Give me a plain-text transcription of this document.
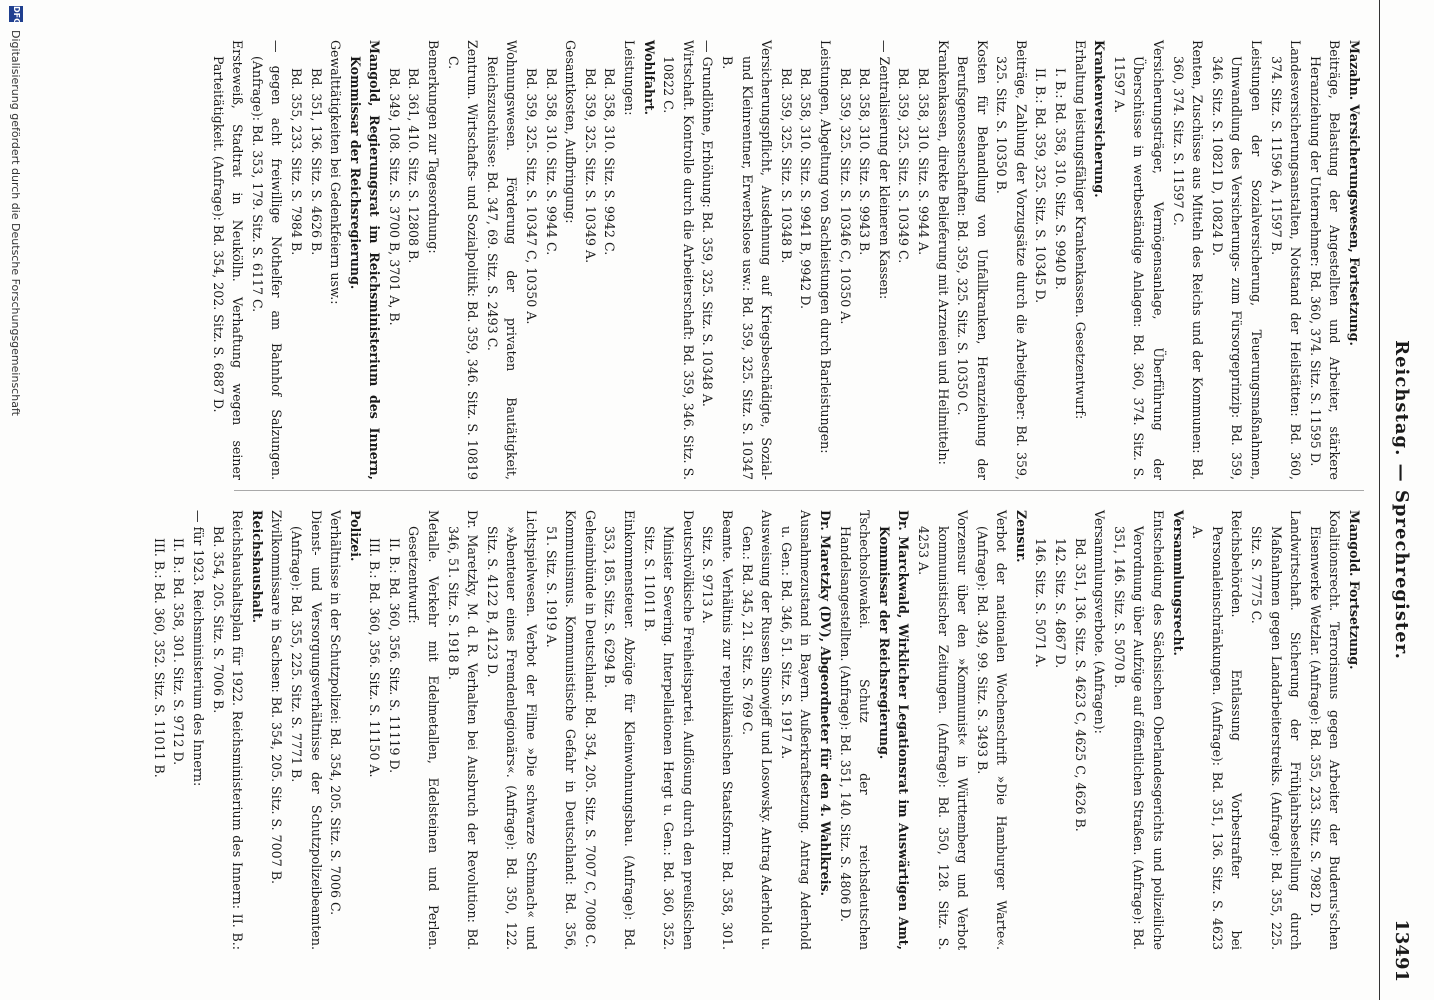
Reichstag. — Sprechregister.
13491

Mazahn. Versicherungswesen, Fortsetzung.

Beiträge, Belastung der Angestellten und Arbeiter, stärkere Heranziehung der Unternehmer: Bd. 360, 374. Sitz. S. 11595 D.

Landesversicherungsanstalten, Notstand der Heilstätten: Bd. 360, 374. Sitz. S. 11596 A, 11597 B.

Leistungen der Sozialversicherung, Teuerungsmaßnahmen, Umwandlung des Versicherungs- zum Fürsorgeprinzip: Bd. 359, 346. Sitz. S. 10821 D, 10824 D.

Renten, Zuschüsse aus Mitteln des Reichs und der Kommunen: Bd. 360, 374. Sitz. S. 11597 C.

Versicherungsträger, Vermögensanlage, Überführung der Überschüsse in wertbeständige Anlagen: Bd. 360, 374. Sitz. S. 11597 A.

Krankenversicherung.

Erhaltung leistungsfähiger Krankenkassen. Gesetzentwurf:

I. B.: Bd. 358, 310. Sitz. S. 9940 B.

II. B.: Bd. 359, 325. Sitz. S. 10345 D.

Beiträge, Zahlung der Vorzugsätze durch die Arbeitgeber: Bd. 359, 325. Sitz. S. 10350 B.

Kosten für Behandlung von Unfallkranken, Heranziehung der Berufsgenossenschaften: Bd. 359, 325. Sitz. S. 10350 C.

Krankenkassen, direkte Belieferung mit Arzneien und Heilmitteln:

Bd. 358, 310. Sitz. S. 9944 A.

Bd. 359, 325. Sitz. S. 10349 C.

— Zentralisierung der kleineren Kassen:

Bd. 358, 310. Sitz. S. 9943 B.

Bd. 359, 325. Sitz. S. 10346 C, 10350 A.

Leistungen, Abgeltung von Sachleistungen durch Barleistungen:

Bd. 358, 310. Sitz. S. 9941 B, 9942 D.

Bd. 359, 325. Sitz. S. 10348 B.

Versicherungspflicht, Ausdehnung auf Kriegsbeschädigte, Sozial- und Kleinrentner, Erwerbslose usw.: Bd. 359, 325. Sitz. S. 10347 B.

— Grundlöhne, Erhöhung: Bd. 359, 325. Sitz. S. 10348 A.

Wirtschaft. Kontrolle durch die Arbeiterschaft: Bd. 359, 346. Sitz. S. 10822 C.

Wohlfahrt.

Leistungen:

Bd. 358, 310. Sitz. S. 9942 C.

Bd. 359, 325. Sitz. S. 10349 A.

Gesamtkosten, Aufbringung:

Bd. 358, 310. Sitz. S. 9944 C.

Bd. 359, 325. Sitz. S. 10347 C, 10350 A.

Wohnungswesen. Förderung der privaten Bautätigkeit, Reichszuschüsse: Bd. 347, 69. Sitz. S. 2493 C.

Zentrum. Wirtschafts- und Sozialpolitik: Bd. 359, 346. Sitz. S. 10819 C.

Bemerkungen zur Tagesordnung:

Bd. 361, 410. Sitz. S. 12808 B.

Bd. 349, 108. Sitz. S. 3700 B, 3701 A, B.

Mangold, Regierungsrat im Reichsministerium des Innern, Kommissar der Reichsregierung.

Gewalttätigkeiten bei Gedenkfeiern usw.:

Bd. 351, 136. Sitz. S. 4626 B.

Bd. 355, 233. Sitz. S. 7984 B.

— gegen acht freiwillige Nothelfer am Bahnhof Salzungen. (Anfrage): Bd. 353, 179. Sitz. S. 6117 C.

Ersteweiß, Stadtrat in Neukölln. Verhaftung wegen seiner Parteitätigkeit. (Anfrage): Bd. 354, 202. Sitz. S. 6887 D.

Mangold. Fortsetzung.

Koalitionsrecht. Terrorismus gegen Arbeiter der Buderus'schen Eisenwerke Wetzlar. (Anfrage): Bd. 355, 233. Sitz. S. 7982 D.

Landwirtschaft. Sicherung der Frühjahrsbestellung durch Maßnahmen gegen Landarbeiterstreiks. (Anfrage): Bd. 355, 225. Sitz. S. 7775 C.

Reichsbehörden. Entlassung Vorbestrafter bei Personaleinschränkungen. (Anfrage): Bd. 351, 136. Sitz. S. 4623 A.

Versammlungsrecht.

Entscheidung des Sächsischen Oberlandesgerichts und polizeiliche Verordnung über Aufzüge auf öffentlichen Straßen. (Anfrage): Bd. 351, 146. Sitz. S. 5070 B.

Versammlungsverbote. (Anfragen):

Bd. 351, 136. Sitz. S. 4623 C, 4625 C, 4626 B.

142. Sitz. S. 4867 D.

146. Sitz. S. 5071 A.

Zensur.

Verbot der nationalen Wochenschrift »Die Hamburger Warte«. (Anfrage): Bd. 349, 99. Sitz. S. 3493 B.

Vorzensur über den »Kommunist« in Württemberg und Verbot kommunistischer Zeitungen. (Anfrage): Bd. 350, 128. Sitz. S. 4253 A.

Dr. Marckwald, Wirklicher Legationsrat im Auswärtigen Amt, Kommissar der Reichsregierung.

Tschechoslowakei. Schutz der reichsdeutschen Handelsangestellten. (Anfrage): Bd. 351, 140. Sitz. S. 4806 D.

Dr. Maretzky (DV), Abgeordneter für den 4. Wahlkreis.

Ausnahmezustand in Bayern. Außerkraftsetzung. Antrag Aderhold u. Gen.: Bd. 346, 51. Sitz. S. 1917 A.

Ausweisung der Russen Sinowjeff und Losowsky. Antrag Aderhold u. Gen.: Bd. 345, 21. Sitz. S. 769 C.

Beamte. Verhältnis zur republikanischen Staatsform: Bd. 358, 301. Sitz. S. 9713 A.

Deutschvölkische Freiheitspartei. Auflösung durch den preußischen Minister Severing. Interpellationen Hergt u. Gen.: Bd. 360, 352. Sitz. S. 11011 B.

Einkommensteuer. Abzüge für Kleinwohnungsbau. (Anfrage): Bd. 353, 185. Sitz. S. 6294 B.

Geheimbünde in Deutschland: Bd. 354, 205. Sitz. S. 7007 C, 7008 C.

Kommunismus. Kommunistische Gefahr in Deutschland: Bd. 356, 51. Sitz. S. 1919 A.

Lichtspielwesen. Verbot der Filme »Die schwarze Schmach« und »Abenteuer eines Fremdenlegionärs«. (Anfrage): Bd. 350, 122. Sitz. S. 4122 B, 4123 D.

Dr. Maretzky, M. d. R. Verhalten bei Ausbruch der Revolution: Bd. 346, 51. Sitz. S. 1918 B.

Metalle. Verkehr mit Edelmetallen, Edelsteinen und Perlen. Gesetzentwurf:

II. B.: Bd. 360, 356. Sitz. S. 11119 D.

III. B.: Bd. 360, 356. Sitz. S. 11150 A.

Polizei.

Verhältnisse in der Schutzpolizei: Bd. 354, 205. Sitz. S. 7006 C.

Dienst- und Versorgungsverhältnisse der Schutzpolizeibeamten. (Anfrage): Bd. 355, 225. Sitz. S. 7771 B.

Zivilkommissare in Sachsen: Bd. 354, 205. Sitz. S. 7007 B.

Reichshaushalt.

Reichshaushaltsplan für 1922. Reichsministerium des Innern: II. B.: Bd. 354, 205. Sitz. S. 7006 B.

— für 1923. Reichsministerium des Innern:

II. B.: Bd. 358, 301. Sitz. S. 9712 D.

III. B.: Bd. 360, 352. Sitz. S. 11011 B.

DFG
Digitalisierung gefördert durch die Deutsche Forschungsgemeinschaft
